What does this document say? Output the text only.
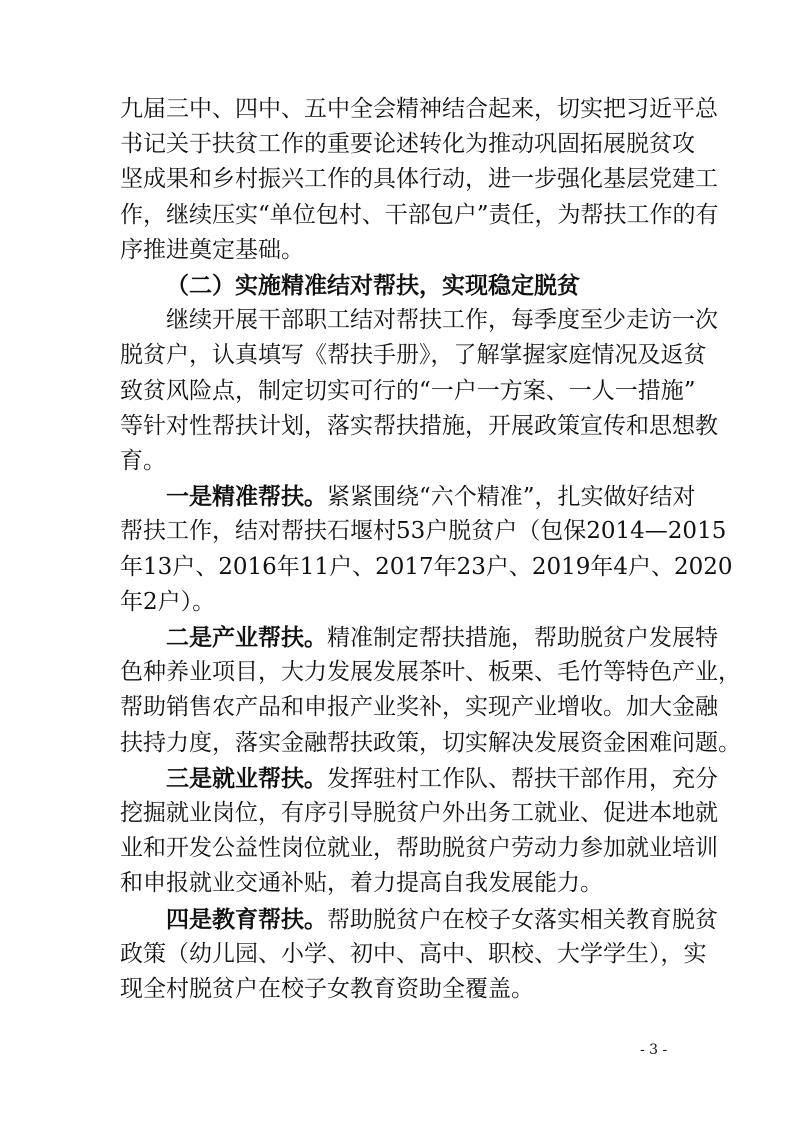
九届三中、四中、五中全会精神结合起来，切实把习近平总
书记关于扶贫工作的重要论述转化为推动巩固拓展脱贫攻
坚成果和乡村振兴工作的具体行动，进一步强化基层党建工
作，继续压实“单位包村、干部包户”责任，为帮扶工作的有
序推进奠定基础。
（二）实施精准结对帮扶，实现稳定脱贫
继续开展干部职工结对帮扶工作，每季度至少走访一次
脱贫户，认真填写《帮扶手册》，了解掌握家庭情况及返贫
致贫风险点，制定切实可行的“一户一方案、一人一措施”
等针对性帮扶计划，落实帮扶措施，开展政策宣传和思想教
育。
一是精准帮扶。紧紧围绕“六个精准”，扎实做好结对
帮扶工作，结对帮扶石堰村53户脱贫户（包保2014—2015
年13户、2016年11户、2017年23户、2019年4户、2020
年2户）。
二是产业帮扶。精准制定帮扶措施，帮助脱贫户发展特
色种养业项目，大力发展发展茶叶、板栗、毛竹等特色产业，
帮助销售农产品和申报产业奖补，实现产业增收。加大金融
扶持力度，落实金融帮扶政策，切实解决发展资金困难问题。
三是就业帮扶。发挥驻村工作队、帮扶干部作用，充分
挖掘就业岗位，有序引导脱贫户外出务工就业、促进本地就
业和开发公益性岗位就业，帮助脱贫户劳动力参加就业培训
和申报就业交通补贴，着力提高自我发展能力。
四是教育帮扶。帮助脱贫户在校子女落实相关教育脱贫
政策（幼儿园、小学、初中、高中、职校、大学学生），实
现全村脱贫户在校子女教育资助全覆盖。
- 3 -
